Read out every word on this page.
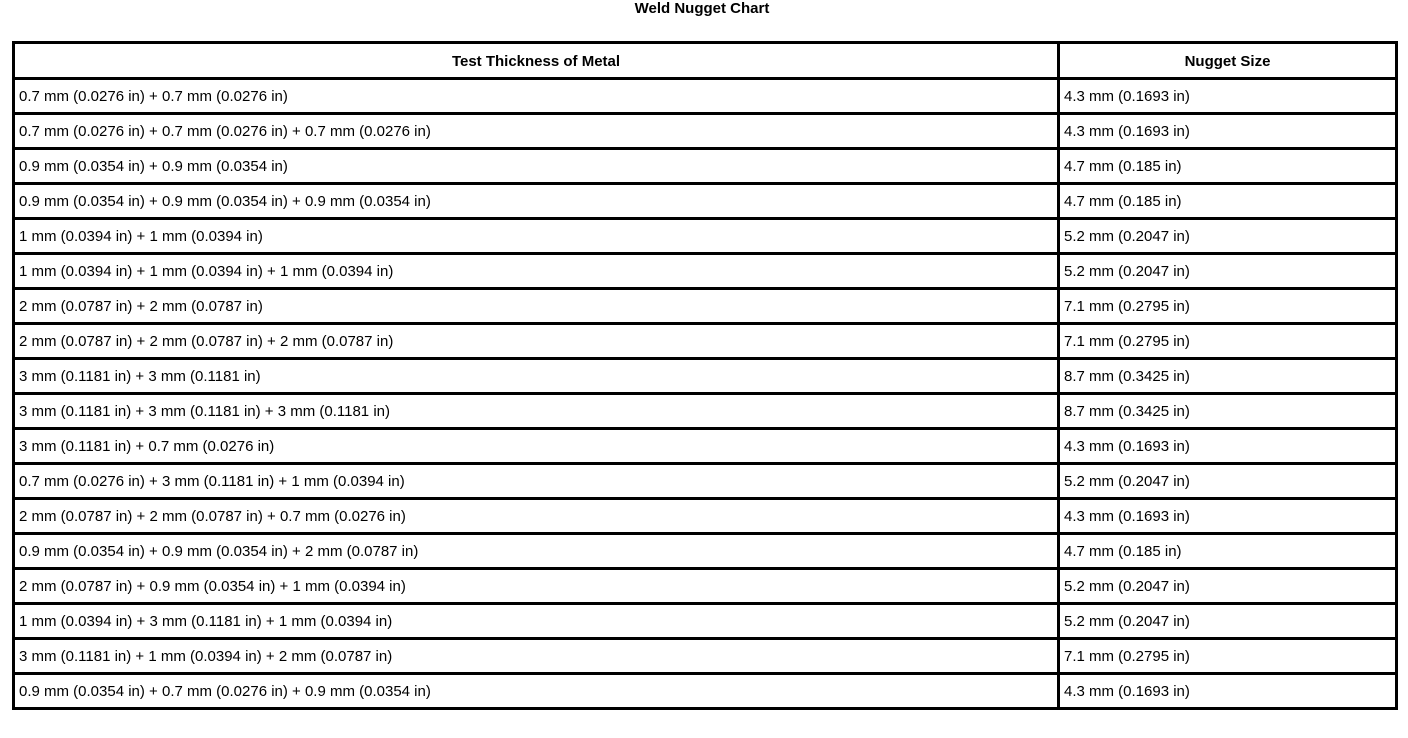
Weld Nugget Chart
Test Thickness of Metal	Nugget Size
0.7 mm (0.0276 in) + 0.7 mm (0.0276 in)	4.3 mm (0.1693 in)
0.7 mm (0.0276 in) + 0.7 mm (0.0276 in) + 0.7 mm (0.0276 in)	4.3 mm (0.1693 in)
0.9 mm (0.0354 in) + 0.9 mm (0.0354 in)	4.7 mm (0.185 in)
0.9 mm (0.0354 in) + 0.9 mm (0.0354 in) + 0.9 mm (0.0354 in)	4.7 mm (0.185 in)
1 mm (0.0394 in) + 1 mm (0.0394 in)	5.2 mm (0.2047 in)
1 mm (0.0394 in) + 1 mm (0.0394 in) + 1 mm (0.0394 in)	5.2 mm (0.2047 in)
2 mm (0.0787 in) + 2 mm (0.0787 in)	7.1 mm (0.2795 in)
2 mm (0.0787 in) + 2 mm (0.0787 in) + 2 mm (0.0787 in)	7.1 mm (0.2795 in)
3 mm (0.1181 in) + 3 mm (0.1181 in)	8.7 mm (0.3425 in)
3 mm (0.1181 in) + 3 mm (0.1181 in) + 3 mm (0.1181 in)	8.7 mm (0.3425 in)
3 mm (0.1181 in) + 0.7 mm (0.0276 in)	4.3 mm (0.1693 in)
0.7 mm (0.0276 in) + 3 mm (0.1181 in) + 1 mm (0.0394 in)	5.2 mm (0.2047 in)
2 mm (0.0787 in) + 2 mm (0.0787 in) + 0.7 mm (0.0276 in)	4.3 mm (0.1693 in)
0.9 mm (0.0354 in) + 0.9 mm (0.0354 in) + 2 mm (0.0787 in)	4.7 mm (0.185 in)
2 mm (0.0787 in) + 0.9 mm (0.0354 in) + 1 mm (0.0394 in)	5.2 mm (0.2047 in)
1 mm (0.0394 in) + 3 mm (0.1181 in) + 1 mm (0.0394 in)	5.2 mm (0.2047 in)
3 mm (0.1181 in) + 1 mm (0.0394 in) + 2 mm (0.0787 in)	7.1 mm (0.2795 in)
0.9 mm (0.0354 in) + 0.7 mm (0.0276 in) + 0.9 mm (0.0354 in)	4.3 mm (0.1693 in)
